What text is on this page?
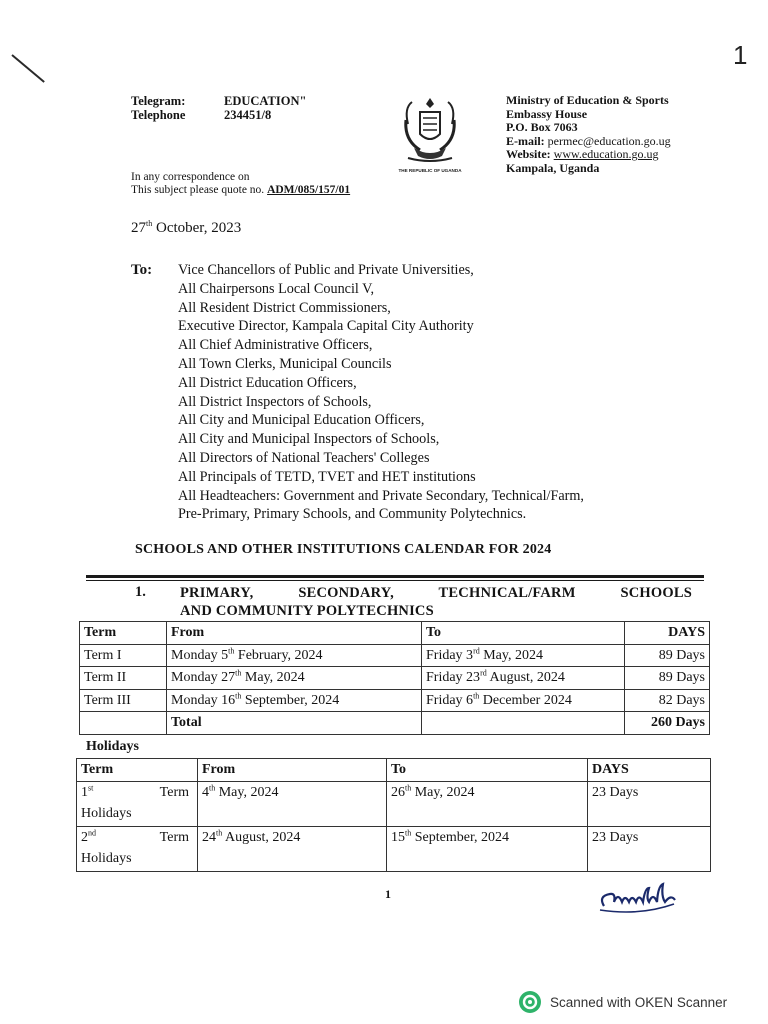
1
Telegram:	EDUCATION"
Telephone	234451/8
THE REPUBLIC OF UGANDA
Ministry of Education & Sports
Embassy House
P.O. Box 7063
E-mail: permec@education.go.ug
Website: www.education.go.ug
Kampala, Uganda
In any correspondence on
This subject please quote no. ADM/085/157/01
27th October, 2023
To: Vice Chancellors of Public and Private Universities,
All Chairpersons Local Council V,
All Resident District Commissioners,
Executive Director, Kampala Capital City Authority
All Chief Administrative Officers,
All Town Clerks, Municipal Councils
All District Education Officers,
All District Inspectors of Schools,
All City and Municipal Education Officers,
All City and Municipal Inspectors of Schools,
All Directors of National Teachers' Colleges
All Principals of TETD, TVET and HET institutions
All Headteachers: Government and Private Secondary, Technical/Farm,
Pre-Primary, Primary Schools, and Community Polytechnics.
SCHOOLS AND OTHER INSTITUTIONS CALENDAR FOR 2024
1. PRIMARY, SECONDARY, TECHNICAL/FARM SCHOOLS
AND COMMUNITY POLYTECHNICS
Term	From	To	DAYS
Term I	Monday 5th February, 2024	Friday 3rd May, 2024	89 Days
Term II	Monday 27th May, 2024	Friday 23rd August, 2024	89 Days
Term III	Monday 16th September, 2024	Friday 6th December 2024	82 Days
	Total		260 Days
Holidays
Term	From	To	DAYS

1st Term
Holidays	4th May, 2024	26th May, 2024	23 Days

2nd Term
Holidays	24th August, 2024	15th September, 2024	23 Days
1
Scanned with OKEN Scanner
